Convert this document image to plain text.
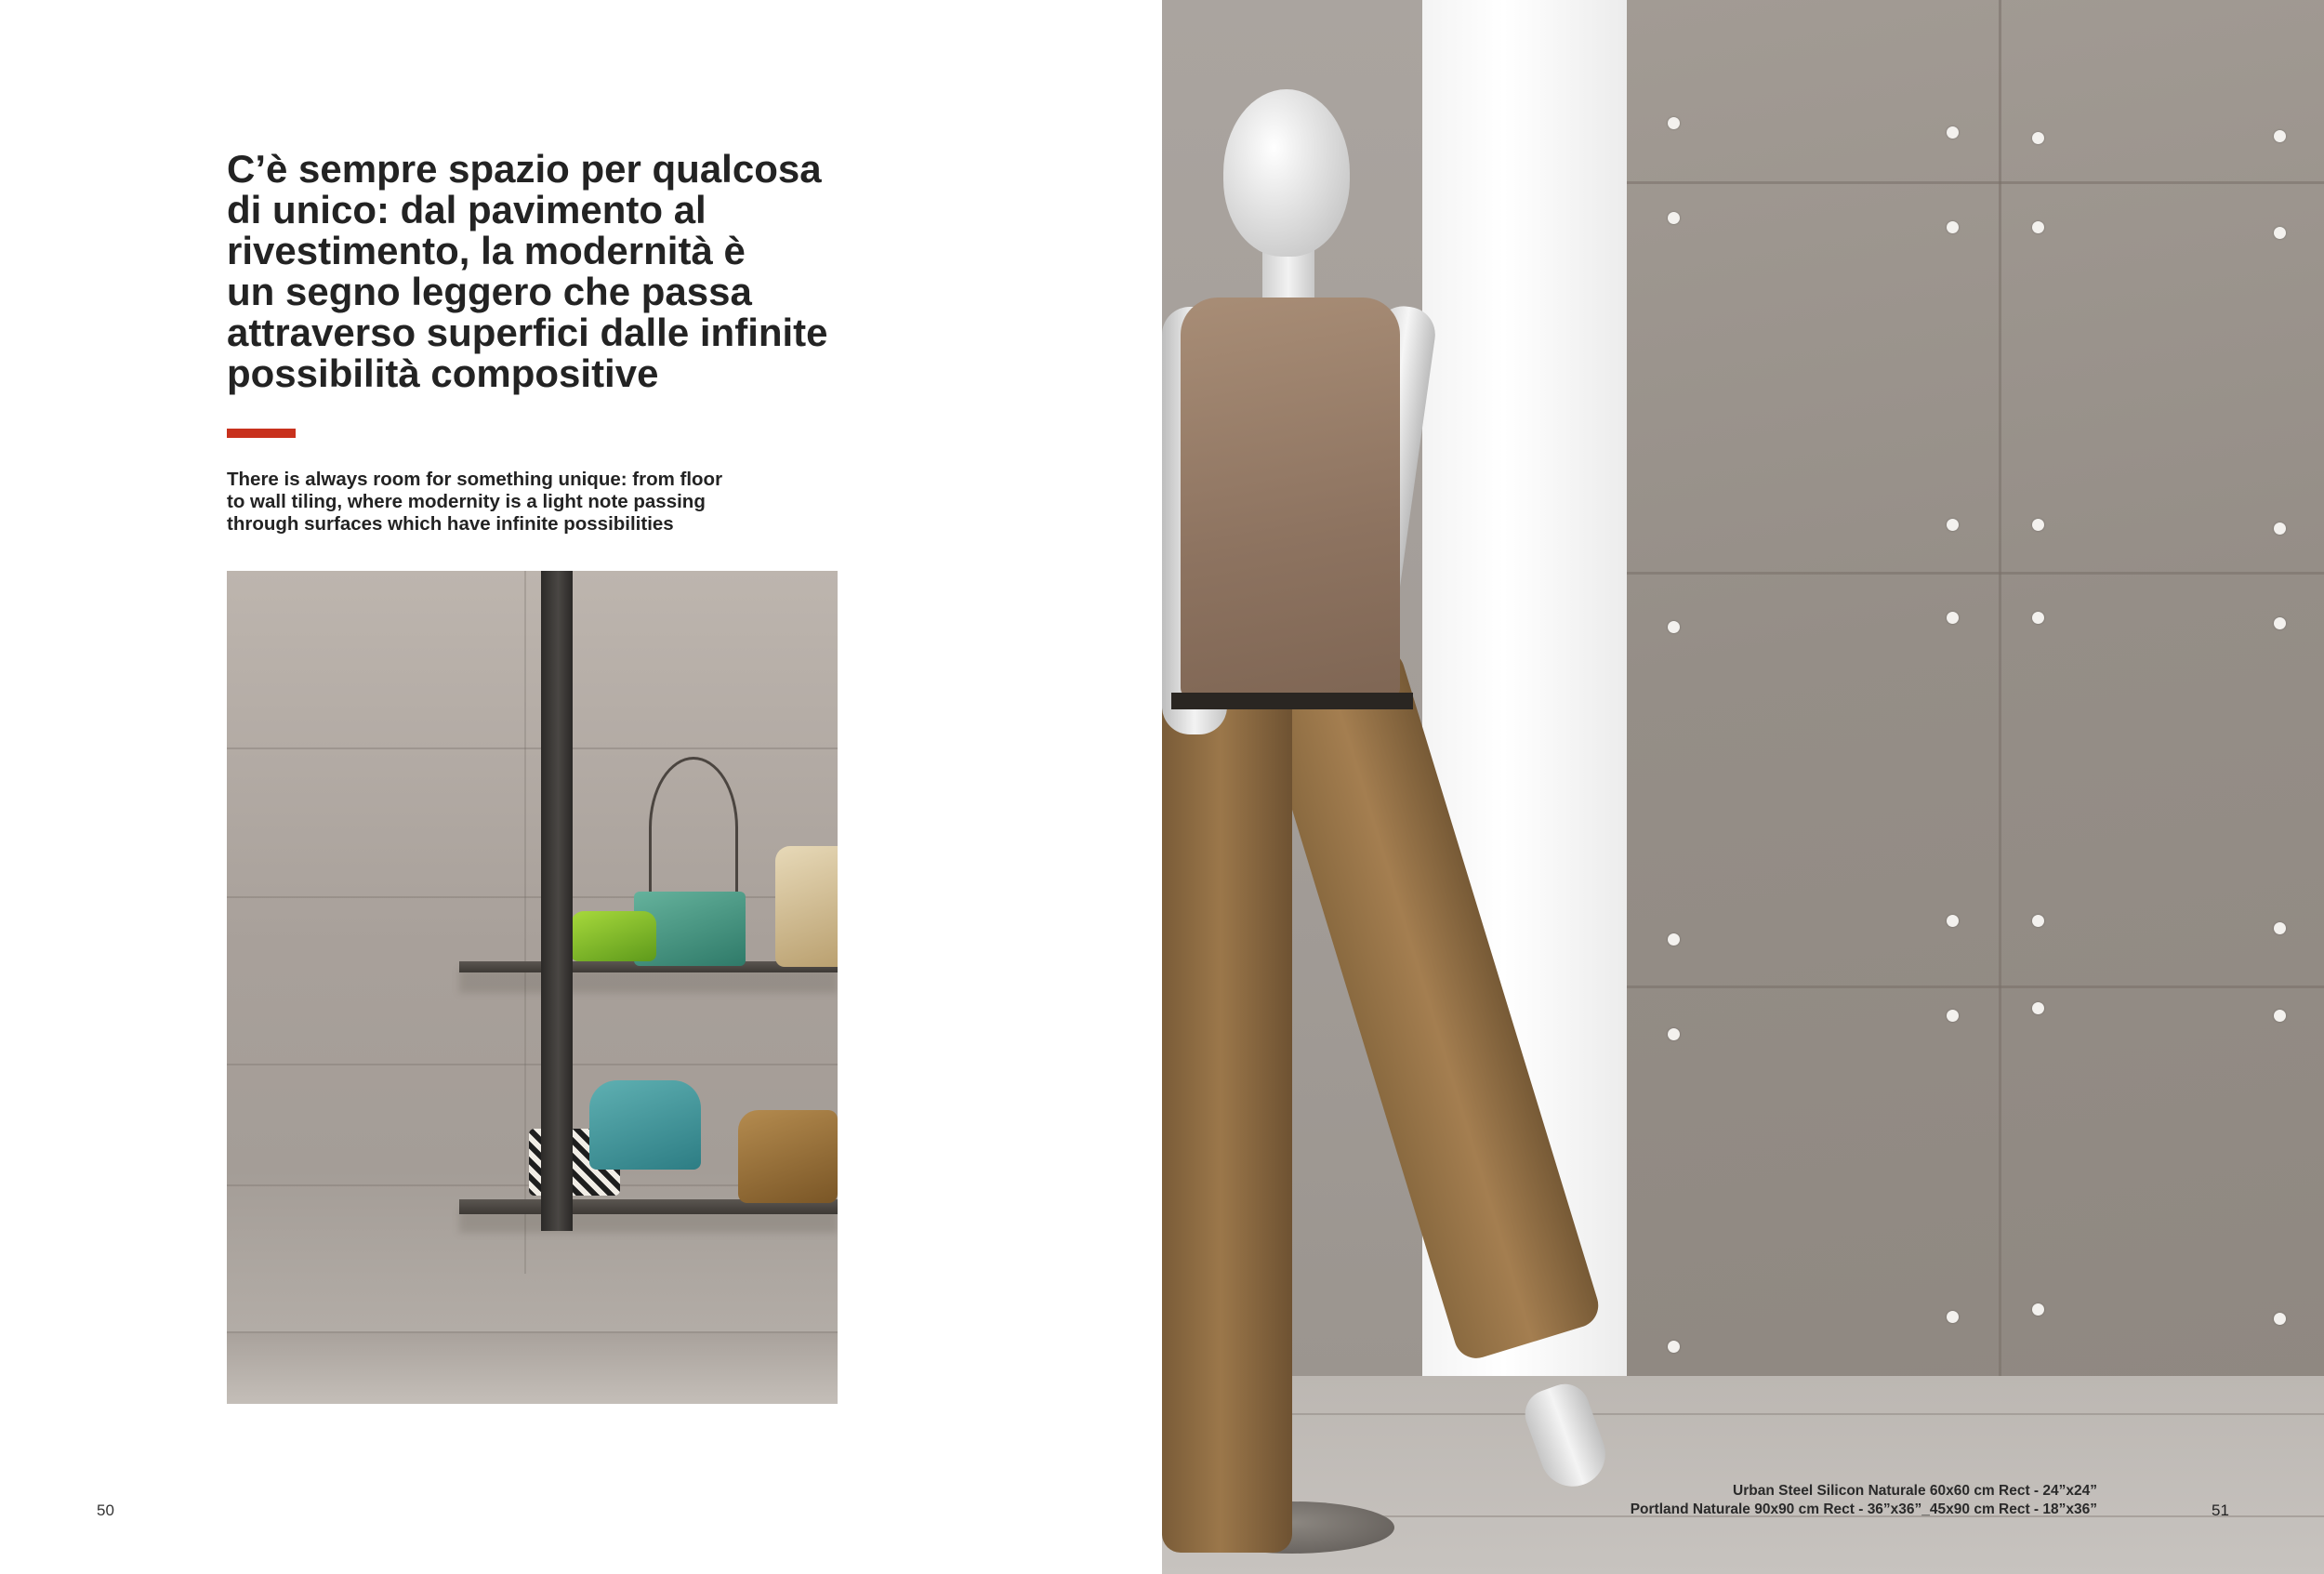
C’è sempre spazio per qualcosa
di unico: dal pavimento al
rivestimento, la modernità è
un segno leggero che passa
attraverso superfici dalle infinite
possibilità compositive
There is always room for something unique: from floor
to wall tiling, where modernity is a light note passing
through surfaces which have infinite possibilities
50
Urban Steel Silicon Naturale 60x60 cm Rect - 24”x24”
Portland Naturale 90x90 cm Rect - 36”x36”_45x90 cm Rect - 18”x36”	51
